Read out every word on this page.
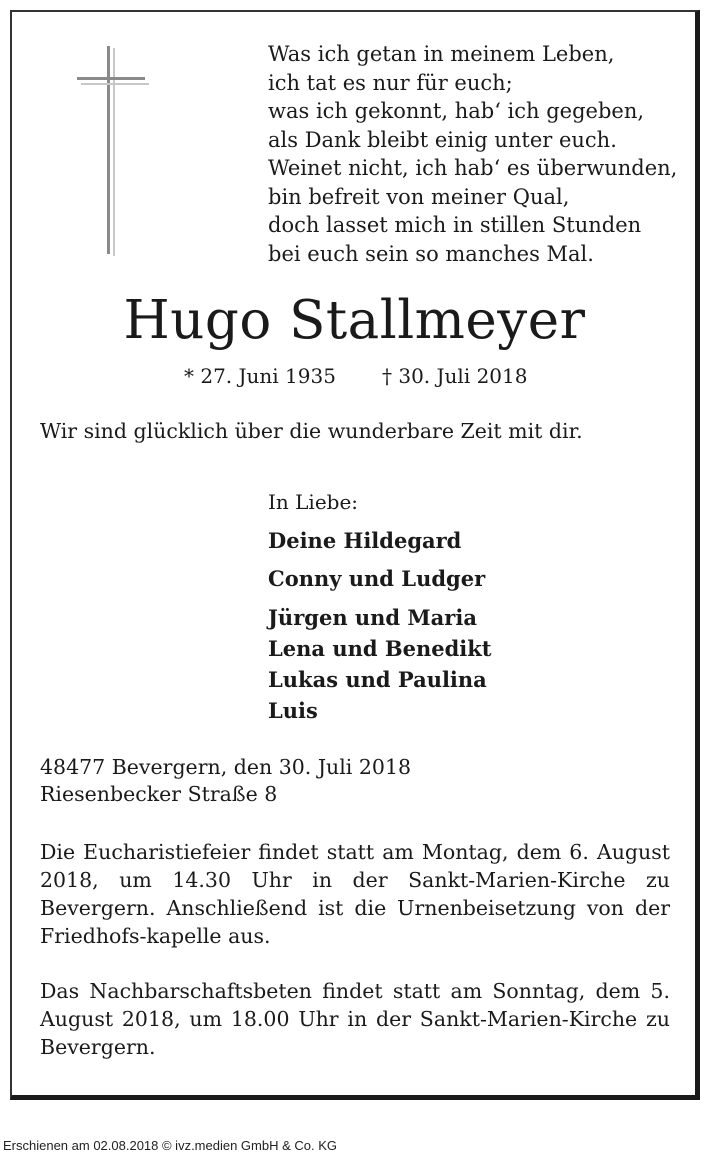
Was ich getan in meinem Leben,
ich tat es nur für euch;
was ich gekonnt, hab‘ ich gegeben,
als Dank bleibt einig unter euch.
Weinet nicht, ich hab‘ es überwunden,
bin befreit von meiner Qual,
doch lasset mich in stillen Stunden
bei euch sein so manches Mal.
Hugo Stallmeyer
* 27. Juni 1935 † 30. Juli 2018
Wir sind glücklich über die wunderbare Zeit mit dir.
In Liebe:
Deine Hildegard
Conny und Ludger
Jürgen und Maria
Lena und Benedikt
Lukas und Paulina
Luis
48477 Bevergern, den 30. Juli 2018
Riesenbecker Straße 8
Die Eucharistiefeier findet statt am Montag, dem 6. August 2018, um 14.30 Uhr in der Sankt-Marien-Kirche zu Bevergern. Anschließend ist die Urnenbeisetzung von der Friedhofs-kapelle aus.
Das Nachbarschaftsbeten findet statt am Sonntag, dem 5. August 2018, um 18.00 Uhr in der Sankt-Marien-Kirche zu Bevergern.
Erschienen am 02.08.2018 © ivz.medien GmbH & Co. KG
